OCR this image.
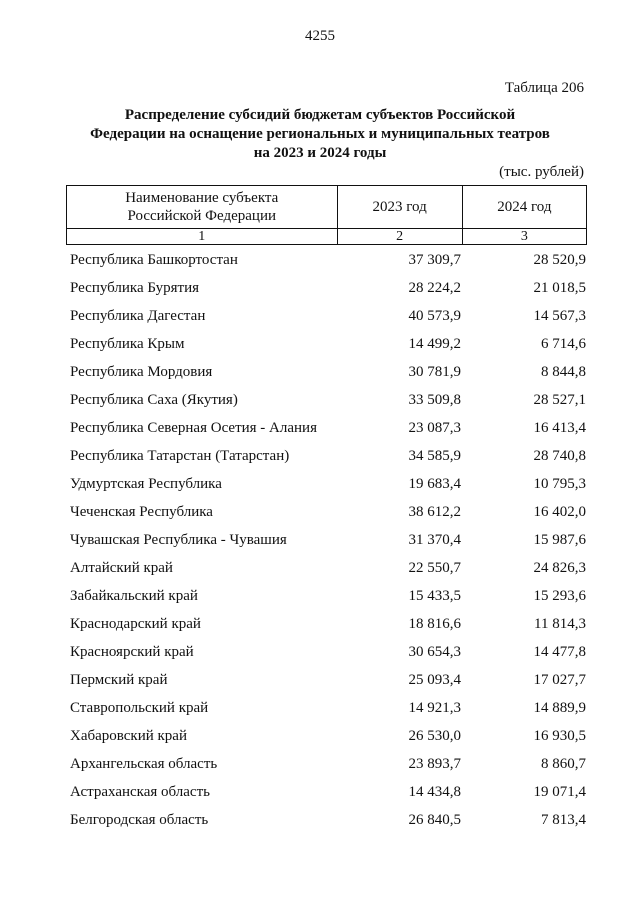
4255
Таблица 206
Распределение субсидий бюджетам субъектов Российской
Федерации на оснащение региональных и муниципальных театров
на 2023 и 2024 годы
(тыс. рублей)
Наименование субъекта
Российской Федерации	2023 год	2024 год
1	2	3
Республика Башкортостан	37 309,7	28 520,9
Республика Бурятия	28 224,2	21 018,5
Республика Дагестан	40 573,9	14 567,3
Республика Крым	14 499,2	6 714,6
Республика Мордовия	30 781,9	8 844,8
Республика Саха (Якутия)	33 509,8	28 527,1
Республика Северная Осетия - Алания	23 087,3	16 413,4
Республика Татарстан (Татарстан)	34 585,9	28 740,8
Удмуртская Республика	19 683,4	10 795,3
Чеченская Республика	38 612,2	16 402,0
Чувашская Республика - Чувашия	31 370,4	15 987,6
Алтайский край	22 550,7	24 826,3
Забайкальский край	15 433,5	15 293,6
Краснодарский край	18 816,6	11 814,3
Красноярский край	30 654,3	14 477,8
Пермский край	25 093,4	17 027,7
Ставропольский край	14 921,3	14 889,9
Хабаровский край	26 530,0	16 930,5
Архангельская область	23 893,7	8 860,7
Астраханская область	14 434,8	19 071,4
Белгородская область	26 840,5	7 813,4
